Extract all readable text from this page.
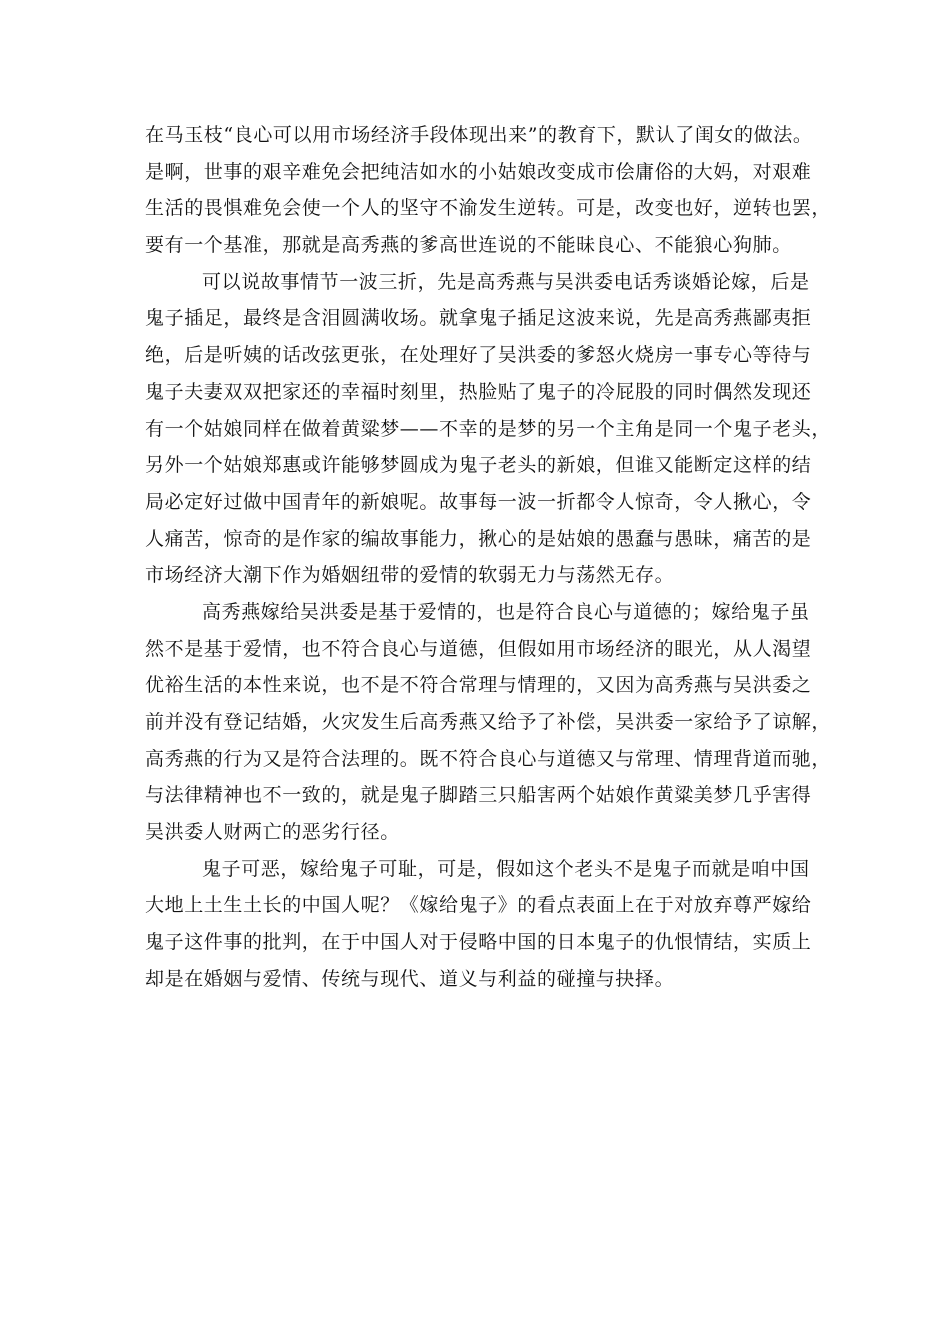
在马玉枝“良心可以用市场经济手段体现出来”的教育下，默认了闺女的做法。
是啊，世事的艰辛难免会把纯洁如水的小姑娘改变成市侩庸俗的大妈，对艰难
生活的畏惧难免会使一个人的坚守不渝发生逆转。可是，改变也好，逆转也罢，
要有一个基准，那就是高秀燕的爹高世连说的不能昧良心、不能狼心狗肺。
可以说故事情节一波三折，先是高秀燕与吴洪委电话秀谈婚论嫁，后是
鬼子插足，最终是含泪圆满收场。就拿鬼子插足这波来说，先是高秀燕鄙夷拒
绝，后是听姨的话改弦更张，在处理好了吴洪委的爹怒火烧房一事专心等待与
鬼子夫妻双双把家还的幸福时刻里，热脸贴了鬼子的冷屁股的同时偶然发现还
有一个姑娘同样在做着黄粱梦——不幸的是梦的另一个主角是同一个鬼子老头，
另外一个姑娘郑惠或许能够梦圆成为鬼子老头的新娘，但谁又能断定这样的结
局必定好过做中国青年的新娘呢。故事每一波一折都令人惊奇，令人揪心，令
人痛苦，惊奇的是作家的编故事能力，揪心的是姑娘的愚蠢与愚昧，痛苦的是
市场经济大潮下作为婚姻纽带的爱情的软弱无力与荡然无存。
高秀燕嫁给吴洪委是基于爱情的，也是符合良心与道德的；嫁给鬼子虽
然不是基于爱情，也不符合良心与道德，但假如用市场经济的眼光，从人渴望
优裕生活的本性来说，也不是不符合常理与情理的，又因为高秀燕与吴洪委之
前并没有登记结婚，火灾发生后高秀燕又给予了补偿，吴洪委一家给予了谅解，
高秀燕的行为又是符合法理的。既不符合良心与道德又与常理、情理背道而驰，
与法律精神也不一致的，就是鬼子脚踏三只船害两个姑娘作黄粱美梦几乎害得
吴洪委人财两亡的恶劣行径。
鬼子可恶，嫁给鬼子可耻，可是，假如这个老头不是鬼子而就是咱中国
大地上土生土长的中国人呢？《嫁给鬼子》的看点表面上在于对放弃尊严嫁给
鬼子这件事的批判，在于中国人对于侵略中国的日本鬼子的仇恨情结，实质上
却是在婚姻与爱情、传统与现代、道义与利益的碰撞与抉择。
